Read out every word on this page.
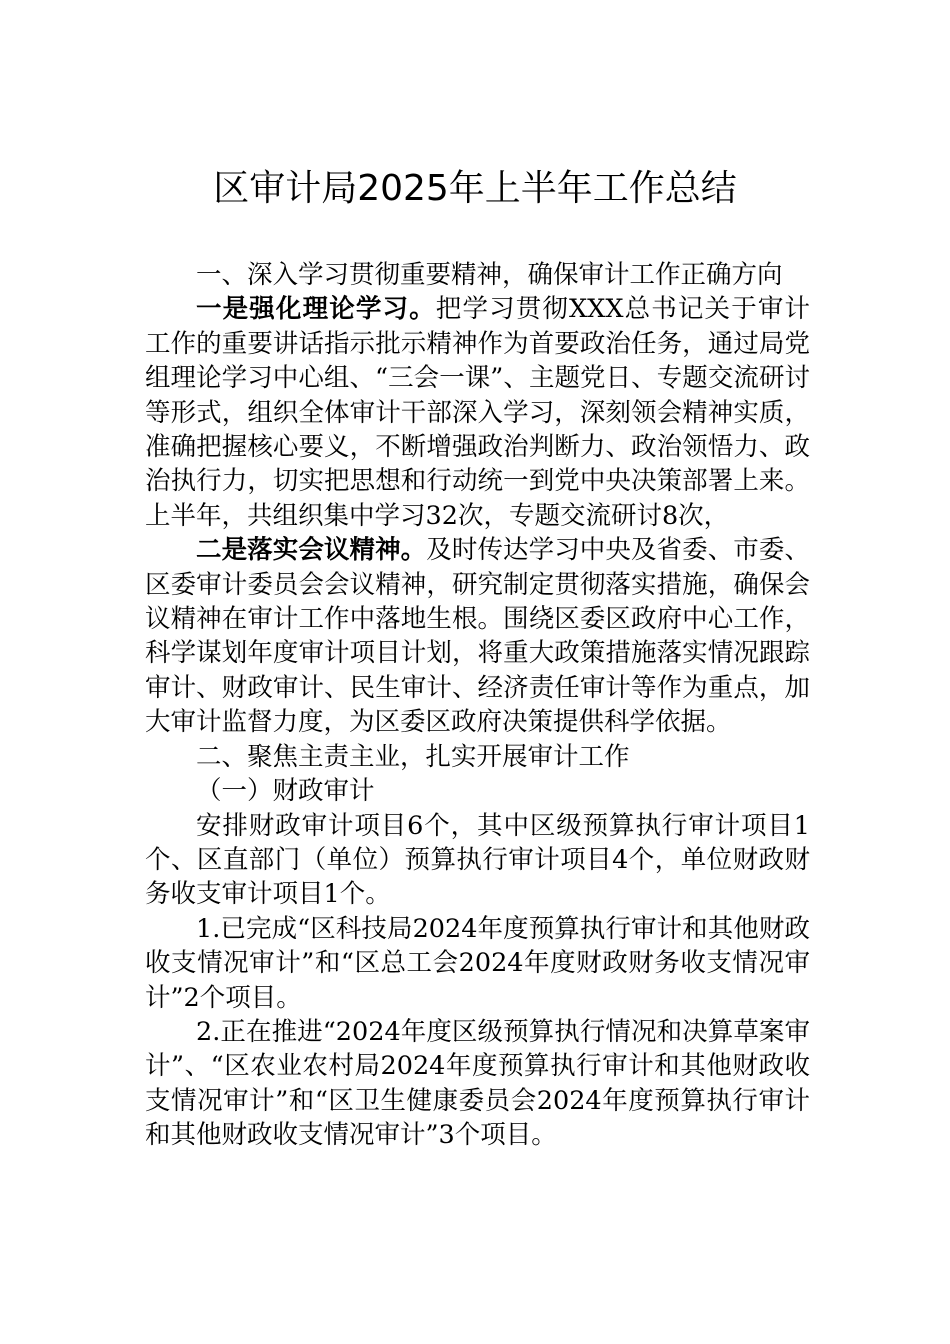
区审计局2025年上半年工作总结

一、深入学习贯彻重要精神，确保审计工作正确方向

一是强化理论学习。把学习贯彻XXX总书记关于审计工作的重要讲话指示批示精神作为首要政治任务，通过局党组理论学习中心组、“三会一课”、主题党日、专题交流研讨等形式，组织全体审计干部深入学习，深刻领会精神实质，准确把握核心要义，不断增强政治判断力、政治领悟力、政治执行力，切实把思想和行动统一到党中央决策部署上来。上半年，共组织集中学习32次，专题交流研讨8次，

二是落实会议精神。及时传达学习中央及省委、市委、区委审计委员会会议精神，研究制定贯彻落实措施，确保会议精神在审计工作中落地生根。围绕区委区政府中心工作，科学谋划年度审计项目计划，将重大政策措施落实情况跟踪审计、财政审计、民生审计、经济责任审计等作为重点，加大审计监督力度，为区委区政府决策提供科学依据。

二、聚焦主责主业，扎实开展审计工作

（一）财政审计

安排财政审计项目6个，其中区级预算执行审计项目1个、区直部门（单位）预算执行审计项目4个，单位财政财务收支审计项目1个。

1.已完成“区科技局2024年度预算执行审计和其他财政收支情况审计”和“区总工会2024年度财政财务收支情况审计”2个项目。

2.正在推进“2024年度区级预算执行情况和决算草案审计”、“区农业农村局2024年度预算执行审计和其他财政收支情况审计”和“区卫生健康委员会2024年度预算执行审计和其他财政收支情况审计”3个项目。
